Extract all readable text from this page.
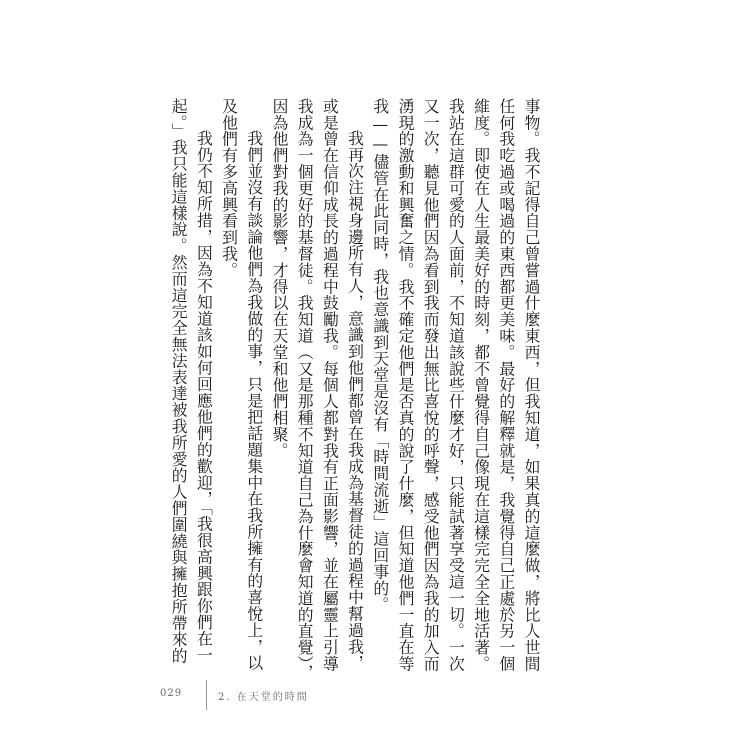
事物。我不記得自己曾嘗過什麼東西，但我知道，如果真的這麼做，將比人世間
任何我吃過或喝過的東西都更美味。最好的解釋就是，我覺得自己正處於另一個
維度。即使在人生最美好的時刻，都不曾覺得自己像現在這樣完完全全地活著。
我站在這群可愛的人面前，不知道該說些什麼才好，只能試著享受這一切。一次
又一次，聽見他們因為看到我而發出無比喜悅的呼聲，感受他們因為我的加入而
湧現的激動和興奮之情。我不確定他們是否真的說了什麼，但知道他們一直在等
我——儘管在此同時，我也意識到天堂是沒有「時間流逝」這回事的。
我再次注視身邊所有人，意識到他們都曾在我成為基督徒的過程中幫過我，
或是曾在信仰成長的過程中鼓勵我。每個人都對我有正面影響，並在屬靈上引導
我成為一個更好的基督徒。我知道（又是那種不知道自己為什麼會知道的直覺），
因為他們對我的影響，才得以在天堂和他們相聚。
我們並沒有談論他們為我做的事，只是把話題集中在我所擁有的喜悅上，以
及他們有多高興看到我。
我仍不知所措，因為不知道該如何回應他們的歡迎，「我很高興跟你們在一
起。」我只能這樣說。然而這完全無法表達被我所愛的人們圍繞與擁抱所帶來的
029	2. 在天堂的時間
